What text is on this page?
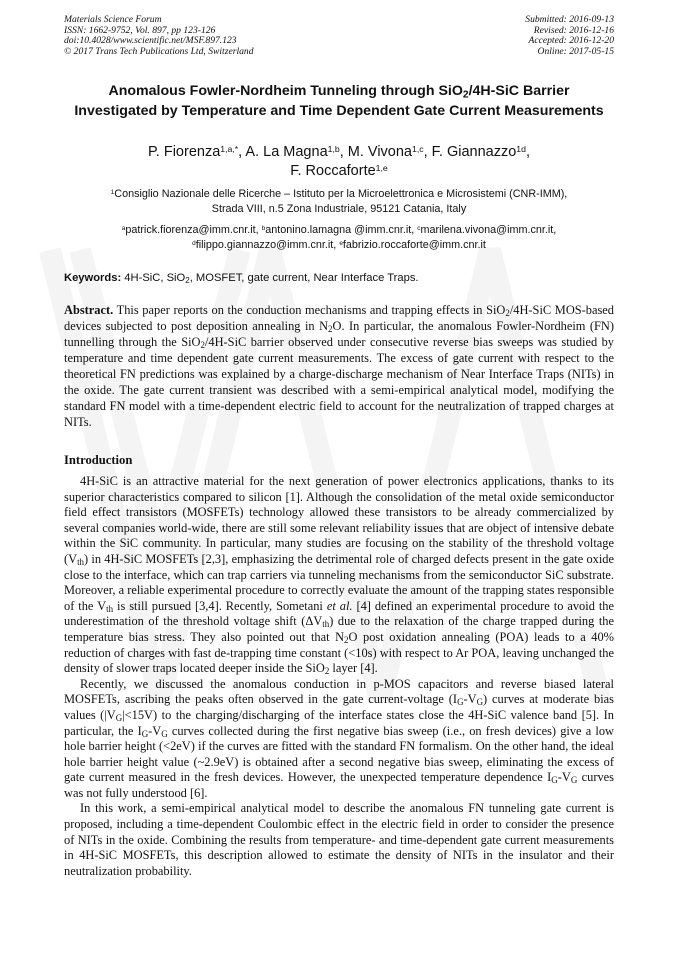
Materials Science Forum
ISSN: 1662-9752, Vol. 897, pp 123-126
doi:10.4028/www.scientific.net/MSF.897.123
© 2017 Trans Tech Publications Ltd, Switzerland
Submitted: 2016-09-13
Revised: 2016-12-16
Accepted: 2016-12-20
Online: 2017-05-15
Anomalous Fowler-Nordheim Tunneling through SiO$_2$/4H-SiC Barrier Investigated by Temperature and Time Dependent Gate Current Measurements
P. Fiorenza$^{1,a,*}$, A. La Magna$^{1,b}$, M. Vivona$^{1,c}$, F. Giannazzo$^{1d}$,
F. Roccaforte$^{1,e}$
$^1$Consiglio Nazionale delle Ricerche – Istituto per la Microelettronica e Microsistemi (CNR-IMM),
Strada VIII, n.5 Zona Industriale, 95121 Catania, Italy
$^a$patrick.fiorenza@imm.cnr.it, $^b$antonino.lamagna @imm.cnr.it, $^c$marilena.vivona@imm.cnr.it,
$^d$filippo.giannazzo@imm.cnr.it, $^e$fabrizio.roccaforte@imm.cnr.it
Keywords: 4H-SiC, SiO$_2$, MOSFET, gate current, Near Interface Traps.
Abstract. This paper reports on the conduction mechanisms and trapping effects in SiO$_2$/4H-SiC MOS-based devices subjected to post deposition annealing in $N_2O$. In particular, the anomalous Fowler-Nordheim (FN) tunnelling through the SiO$_2$/4H-SiC barrier observed under consecutive reverse bias sweeps was studied by temperature and time dependent gate current measurements. The excess of gate current with respect to the theoretical FN predictions was explained by a charge-discharge mechanism of Near Interface Traps (NITs) in the oxide. The gate current transient was described with a semi-empirical analytical model, modifying the standard FN model with a time-dependent electric field to account for the neutralization of trapped charges at NITs.
Introduction

4H-SiC is an attractive material for the next generation of power electronics applications, thanks to its superior characteristics compared to silicon [1]. Although the consolidation of the metal oxide semiconductor field effect transistors (MOSFETs) technology allowed these transistors to be already commercialized by several companies world-wide, there are still some relevant reliability issues that are object of intensive debate within the SiC community. In particular, many studies are focusing on the stability of the threshold voltage $(V_{th})$ in 4H-SiC MOSFETs [2,3], emphasizing the detrimental role of charged defects present in the gate oxide close to the interface, which can trap carriers via tunneling mechanisms from the semiconductor SiC substrate. Moreover, a reliable experimental procedure to correctly evaluate the amount of the trapping states responsible of the $V_{th}$ is still pursued [3,4]. Recently, Sometani et al. [4] defined an experimental procedure to avoid the underestimation of the threshold voltage shift $(\Delta V_{th})$ due to the relaxation of the charge trapped during the temperature bias stress. They also pointed out that $N_2O$ post oxidation annealing (POA) leads to a 40% reduction of charges with fast de-trapping time constant (<10s) with respect to Ar POA, leaving unchanged the density of slower traps located deeper inside the SiO$_2$ layer [4].

Recently, we discussed the anomalous conduction in p-MOS capacitors and reverse biased lateral MOSFETs, ascribing the peaks often observed in the gate current-voltage $(I_G-V_G)$ curves at moderate bias values $(|V_G|<15V)$ to the charging/discharging of the interface states close the 4H-SiC valence band [5]. In particular, the $I_G-V_G$ curves collected during the first negative bias sweep (i.e., on fresh devices) give a low hole barrier height (<2eV) if the curves are fitted with the standard FN formalism. On the other hand, the ideal hole barrier height value (~2.9eV) is obtained after a second negative bias sweep, eliminating the excess of gate current measured in the fresh devices. However, the unexpected temperature dependence $I_G-V_G$ curves was not fully understood [6].

In this work, a semi-empirical analytical model to describe the anomalous FN tunneling gate current is proposed, including a time-dependent Coulombic effect in the electric field in order to consider the presence of NITs in the oxide. Combining the results from temperature- and time-dependent gate current measurements in 4H-SiC MOSFETs, this description allowed to estimate the density of NITs in the insulator and their neutralization probability.
